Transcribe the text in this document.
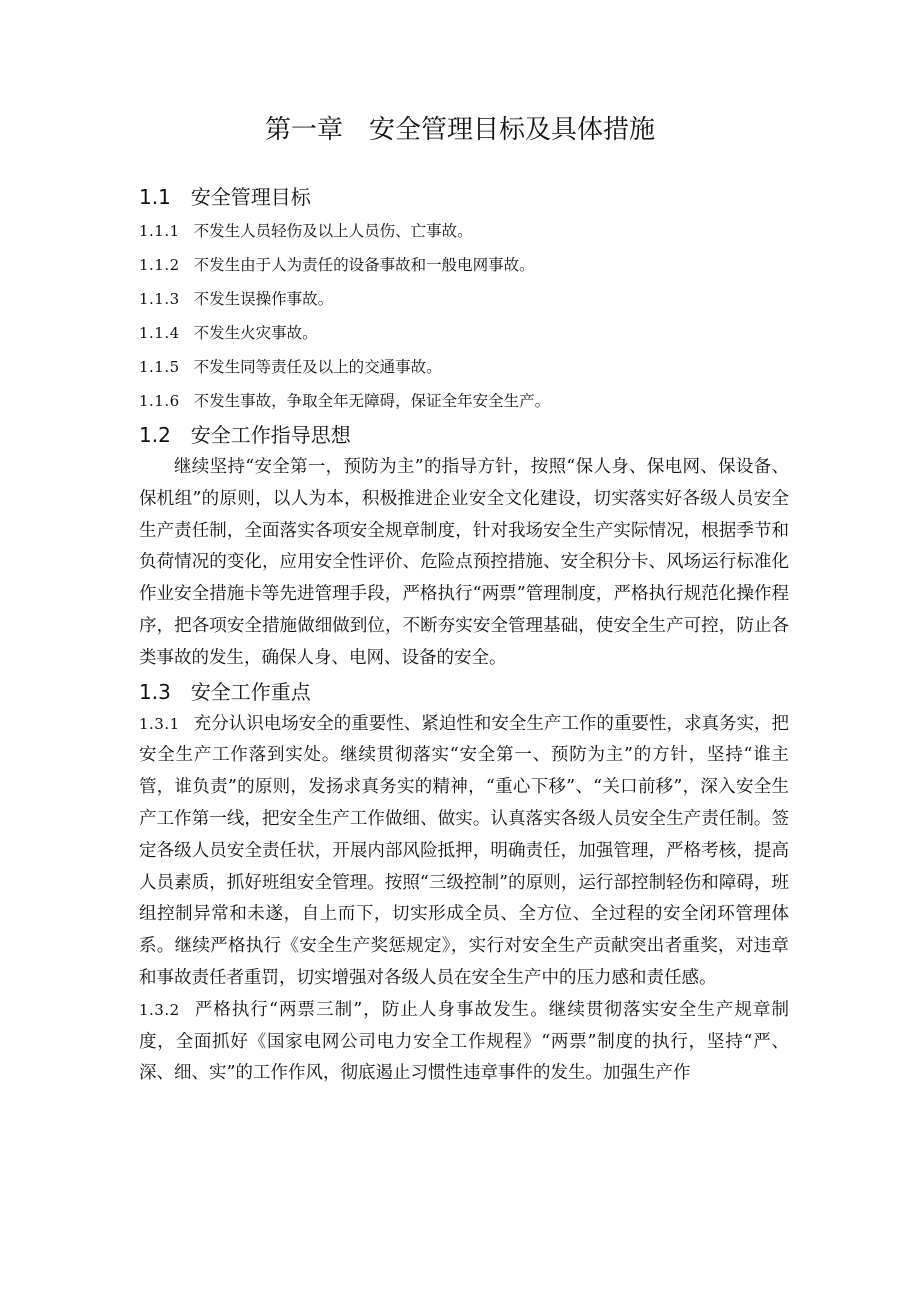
第一章　安全管理目标及具体措施
1.1　安全管理目标
1.1.1 不发生人员轻伤及以上人员伤、亡事故。
1.1.2 不发生由于人为责任的设备事故和一般电网事故。
1.1.3 不发生误操作事故。
1.1.4 不发生火灾事故。
1.1.5 不发生同等责任及以上的交通事故。
1.1.6 不发生事故，争取全年无障碍，保证全年安全生产。
1.2　安全工作指导思想

继续坚持“安全第一，预防为主”的指导方针，按照“保人身、保电网、保设备、保机组”的原则，以人为本，积极推进企业安全文化建设，切实落实好各级人员安全生产责任制，全面落实各项安全规章制度，针对我场安全生产实际情况，根据季节和负荷情况的变化，应用安全性评价、危险点预控措施、安全积分卡、风场运行标准化作业安全措施卡等先进管理手段，严格执行“两票”管理制度，严格执行规范化操作程序，把各项安全措施做细做到位，不断夯实安全管理基础，使安全生产可控，防止各类事故的发生，确保人身、电网、设备的安全。

1.3　安全工作重点

1.3.1 充分认识电场安全的重要性、紧迫性和安全生产工作的重要性，求真务实，把安全生产工作落到实处。继续贯彻落实“安全第一、预防为主”的方针，坚持“谁主管，谁负责”的原则，发扬求真务实的精神，“重心下移”、“关口前移”，深入安全生产工作第一线，把安全生产工作做细、做实。认真落实各级人员安全生产责任制。签定各级人员安全责任状，开展内部风险抵押，明确责任，加强管理，严格考核，提高人员素质，抓好班组安全管理。按照“三级控制”的原则，运行部控制轻伤和障碍，班组控制异常和未遂，自上而下，切实形成全员、全方位、全过程的安全闭环管理体系。继续严格执行《安全生产奖惩规定》，实行对安全生产贡献突出者重奖，对违章和事故责任者重罚，切实增强对各级人员在安全生产中的压力感和责任感。

1.3.2 严格执行“两票三制”，防止人身事故发生。继续贯彻落实安全生产规章制度，全面抓好《国家电网公司电力安全工作规程》“两票”制度的执行，坚持“严、深、细、实”的工作作风，彻底遏止习惯性违章事件的发生。加强生产作
